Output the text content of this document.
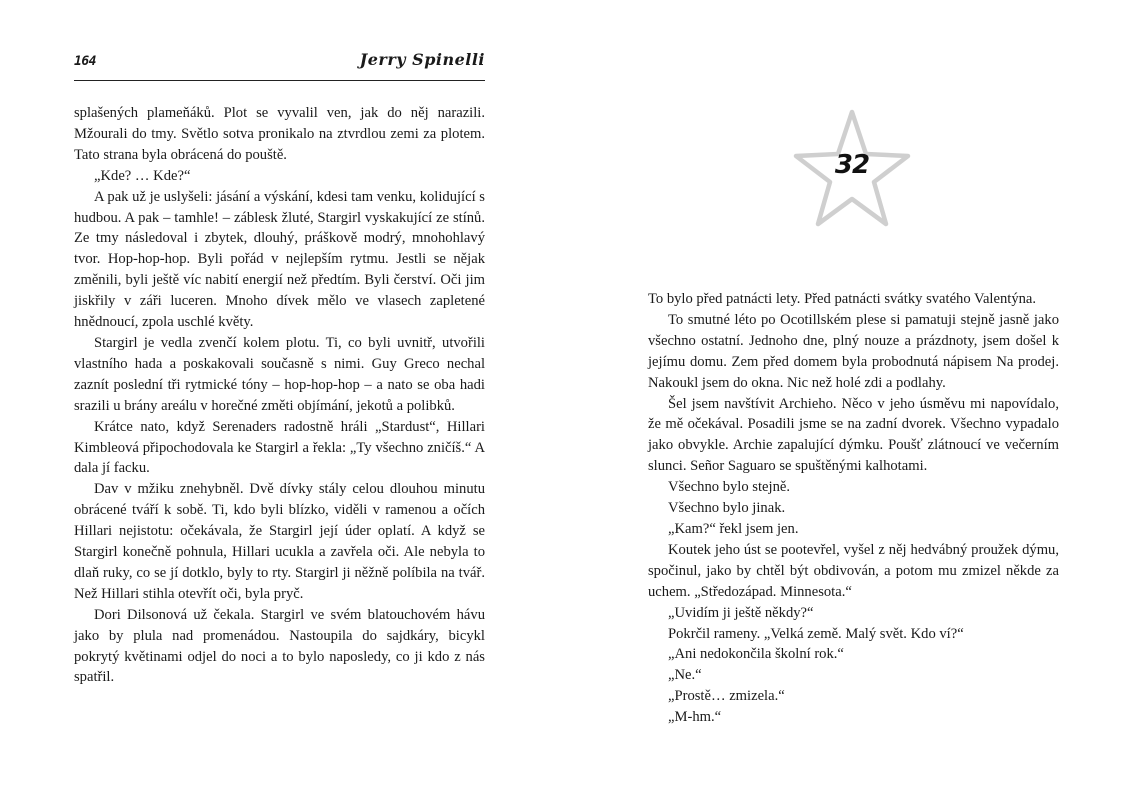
164	Jerry Spinelli

splašených plameňáků. Plot se vyvalil ven, jak do něj narazili. Mžourali do tmy. Světlo sotva pronikalo na ztvrdlou zemi za plotem. Tato strana byla obrácená do pouště.

„Kde? … Kde?“

A pak už je uslyšeli: jásání a výskání, kdesi tam venku, kolidující s hudbou. A pak – tamhle! – záblesk žluté, Stargirl vyskakující ze stínů. Ze tmy následoval i zbytek, dlouhý, práškově modrý, mnohohlavý tvor. Hop-hop-hop. Byli pořád v nejlepším rytmu. Jestli se nějak změnili, byli ještě víc nabití energií než předtím. Byli čerství. Oči jim jiskřily v záři luceren. Mnoho dívek mělo ve vlasech zapletené hnědnoucí, zpola uschlé květy.

Stargirl je vedla zvenčí kolem plotu. Ti, co byli uvnitř, utvořili vlastního hada a poskakovali současně s nimi. Guy Greco nechal zaznít poslední tři rytmické tóny – hop-hop-hop – a nato se oba hadi srazili u brány areálu v horečné změti objímání, jekotů a polibků.

Krátce nato, když Serenaders radostně hráli „Stardust“, Hillari Kimbleová připochodovala ke Stargirl a řekla: „Ty všechno zničíš.“ A dala jí facku.

Dav v mžiku znehybněl. Dvě dívky stály celou dlouhou minutu obrácené tváří k sobě. Ti, kdo byli blízko, viděli v ramenou a očích Hillari nejistotu: očekávala, že Stargirl její úder oplatí. A když se Stargirl konečně pohnula, Hillari ucukla a zavřela oči. Ale nebyla to dlaň ruky, co se jí dotklo, byly to rty. Stargirl ji něžně políbila na tvář. Než Hillari stihla otevřít oči, byla pryč.

Dori Dilsonová už čekala. Stargirl ve svém blatouchovém hávu jako by plula nad promenádou. Nastoupila do sajdkáry, bicykl pokrytý květinami odjel do noci a to bylo naposledy, co ji kdo z nás spatřil.

32

To bylo před patnácti lety. Před patnácti svátky svatého Valentýna.

To smutné léto po Ocotillském plese si pamatuji stejně jasně jako všechno ostatní. Jednoho dne, plný nouze a prázdnoty, jsem došel k jejímu domu. Zem před domem byla probodnutá nápisem Na prodej. Nakoukl jsem do okna. Nic než holé zdi a podlahy.

Šel jsem navštívit Archieho. Něco v jeho úsměvu mi napovídalo, že mě očekával. Posadili jsme se na zadní dvorek. Všechno vypadalo jako obvykle. Archie zapalující dýmku. Poušť zlátnoucí ve večerním slunci. Señor Saguaro se spuštěnými kalhotami.

Všechno bylo stejně.

Všechno bylo jinak.

„Kam?“ řekl jsem jen.

Koutek jeho úst se pootevřel, vyšel z něj hedvábný proužek dýmu, spočinul, jako by chtěl být obdivován, a potom mu zmizel někde za uchem. „Středozápad. Minnesota.“

„Uvidím ji ještě někdy?“

Pokrčil rameny. „Velká země. Malý svět. Kdo ví?“

„Ani nedokončila školní rok.“

„Ne.“

„Prostě… zmizela.“

„M-hm.“
